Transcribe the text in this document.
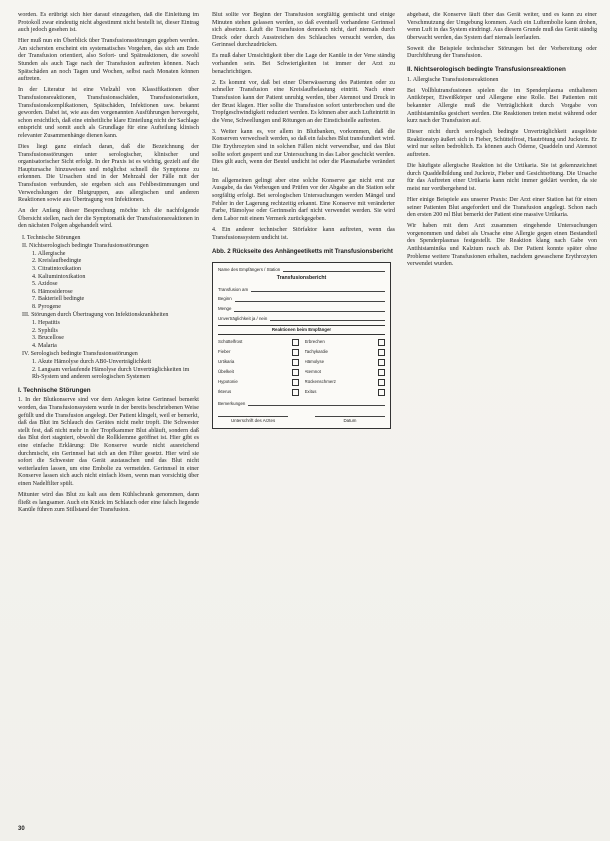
worden. Es erübrigt sich hier darauf einzugehen, daß die Einleitung im Protokoll zwar eindeutig nicht abgestimmt nicht bestellt ist, dieser Eintrag auch jedoch gesehen ist.

Hier muß nun ein Überblick über Transfusionsstörungen gegeben werden. Am sichersten erscheint ein systematisches Vorgehen, das sich am Ende der Transfusion orientiert, also Sofort- und Spätreaktionen, die sowohl Stunden als auch Tage nach der Transfusion auftreten können. Nach Spätschäden an noch Tagen und Wochen, selbst nach Monaten können auftreten.

In der Literatur ist eine Vielzahl von Klassifikationen über Transfusionsreaktionen, Transfusionsschäden, Transfusionsrisiken, Transfusionskomplikationen, Spätschäden, Infektionen usw. bekannt geworden. Dabei ist, wie aus den vorgenannten Ausführungen hervorgeht, schon ersichtlich, daß eine einheitliche klare Einteilung nicht der Sachlage entspricht und somit auch als Grundlage für eine Aufteilung klinisch relevanter Zusammenhänge dienen kann.

Dies liegt ganz einfach daran, daß die Bezeichnung der Transfusionsstörungen unter serologischer, klinischer und organisatorischer Sicht erfolgt. In der Praxis ist es wichtig, gezielt auf die Hauptursache hinzuweisen und möglichst schnell die Symptome zu erkennen. Die Ursachen sind in der Mehrzahl der Fälle mit der Transfusion verbunden, sie ergeben sich aus Fehlbestimmungen und Verwechslungen der Blutgruppen, aus allergischen und anderen Reaktionen sowie aus Übertragung von Infektionen.

An der Anfang dieser Besprechung möchte ich die nachfolgende Übersicht stellen, nach der die Symptomatik der Transfusionsreaktionen in den nächsten Folgen abgehandelt wird.

I. Technische Störungen
II. Nichtserologisch bedingte Transfusionsstörungen
1. Allergische
2. Kreislaufbedingte
3. Citratintoxikation
4. Kaliumintoxikation
5. Azidose
6. Hämosiderose
7. Bakteriell bedingte
8. Pyrogene
III. Störungen durch Übertragung von Infektionskrankheiten
1. Hepatitis
2. Syphilis
3. Brucellose
4. Malaria
IV. Serologisch bedingte Transfusionsstörungen
1. Akute Hämolyse durch AB0-Unverträglichkeit
2. Langsam verlaufende Hämolyse durch Unverträglichkeiten im Rh-System und anderen serologischen Systemen
I. Technische Störungen

1. In der Blutkonserve sind vor dem Anlegen keine Gerinnsel bemerkt worden, das Transfusionssystem wurde in der bereits beschriebenen Weise gefüllt und die Transfusion angelegt. Der Patient klingelt, weil er bemerkt, daß das Blut im Schlauch des Gerätes nicht mehr tropft. Die Schwester stellt fest, daß nicht mehr in der Tropfkammer Blut abläuft, sondern daß das Blut dort stagniert, obwohl die Rollklemme geöffnet ist. Hier gibt es eine einfache Erklärung: Die Konserve wurde nicht ausreichend durchmischt, ein Gerinnsel hat sich an den Filter gesetzt. Hier wird sie sofort die Schwester das Gerät austauschen und das Blut nicht weiterlaufen lassen, um eine Embolie zu vermeiden. Gerinnsel in einer Konserve lassen sich auch nicht einfach lösen, wenn man vorsichtig über einen Nadelfilter spült.

Mitunter wird das Blut zu kalt aus dem Kühlschrank genommen, dann fließt es langsamer. Auch ein Knick im Schlauch oder eine falsch liegende Kanüle führen zum Stillstand der Transfusion.

Blut sollte vor Beginn der Transfusion sorgfältig gemischt und einige Minuten stehen gelassen werden, so daß eventuell vorhandene Gerinnsel sich absetzen. Läuft die Transfusion dennoch nicht, darf niemals durch Druck oder durch Ausstreichen des Schlauches versucht werden, das Gerinnsel durchzudrücken.

Es muß daher Umsichtigkeit über die Lage der Kanüle in der Vene ständig vorhanden sein. Bei Schwierigkeiten ist immer der Arzt zu benachrichtigen.

2. Es kommt vor, daß bei einer Überwässerung des Patienten oder zu schneller Transfusion eine Kreislaufbelastung eintritt. Nach einer Transfusion kann der Patient unruhig werden, über Atemnot und Druck in der Brust klagen. Hier sollte die Transfusion sofort unterbrochen und die Tropfgeschwindigkeit reduziert werden. Es können aber auch Lufteintritt in die Vene, Schwellungen und Rötungen an der Einstichstelle auftreten.

3. Weiter kann es, vor allem in Blutbanken, vorkommen, daß die Konserven verwechselt werden, so daß ein falsches Blut transfundiert wird. Die Erythrozyten sind in solchen Fällen nicht verwendbar, und das Blut sollte sofort gesperrt und zur Untersuchung in das Labor geschickt werden. Dies gilt auch, wenn der Beutel undicht ist oder die Plasmafarbe verändert ist.

Im allgemeinen gelingt aber eine solche Konserve gar nicht erst zur Ausgabe, da das Vorbeugen und Prüfen vor der Abgabe an die Station sehr sorgfältig erfolgt. Bei serologischen Untersuchungen werden Mängel und Fehler in der Lagerung rechtzeitig erkannt. Eine Konserve mit veränderter Farbe, Hämolyse oder Gerinnseln darf nicht verwendet werden. Sie wird dem Labor mit einem Vermerk zurückgegeben.

4. Ein anderer technischer Störfaktor kann auftreten, wenn das Transfusionssystem undicht ist.

Abb. 2 Rückseite des Anhängeetiketts mit Transfusionsbericht
Name des Empfängers / Station
Transfusionsbericht
Transfusion am
Beginn
Menge
Unverträglichkeit ja / nein
Reaktionen beim Empfänger
Schüttelfrost	Erbrechen
Fieber	Tachykardie
Urtikaria	Hämolyse
Übelkeit	Atemnot
Hypotonie	Rückenschmerz
Ikterus	Exitus
Bemerkungen
Unterschrift des Arztes	Datum

abgebaut, die Konserve läuft über das Gerät weiter, und es kann zu einer Verschmutzung der Umgebung kommen. Auch ein Luftembolie kann drohen, wenn Luft in das System eindringt. Aus diesem Grunde muß das Gerät ständig überwacht werden, das System darf niemals leerlaufen.

Soweit die Beispiele technischer Störungen bei der Vorbereitung oder Durchführung der Transfusion.

II. Nichtserologisch bedingte Transfusionsreaktionen

1. Allergische Transfusionsreaktionen

Bei Vollblutransfusionen spielen die im Spenderplasma enthaltenen Antikörper, Eiweißkörper und Allergene eine Rolle. Bei Patienten mit bekannter Allergie muß die Verträglichkeit durch Vorgabe von Antihistaminika gesichert werden. Die Reaktionen treten meist während oder kurz nach der Transfusion auf.

Dieser nicht durch serologisch bedingte Unverträglichkeit ausgelöste Reaktionstyp äußert sich in Fieber, Schüttelfrost, Hautrötung und Juckreiz. Er wird nur selten bedrohlich. Es können auch Ödeme, Quaddeln und Atemnot auftreten.

Die häufigste allergische Reaktion ist die Urtikaria. Sie ist gekennzeichnet durch Quaddelbildung und Juckreiz, Fieber und Gesichtsrötung. Die Ursache für das Auftreten einer Urtikaria kann nicht immer geklärt werden, da sie meist nur vorübergehend ist.

Hier einige Beispiele aus unserer Praxis: Der Arzt einer Station hat für einen seiner Patienten Blut angefordert und die Transfusion angelegt. Schon nach den ersten 200 ml Blut bemerkt der Patient eine massive Urtikaria.

Wir haben mit dem Arzt zusammen eingehende Untersuchungen vorgenommen und dabei als Ursache eine Allergie gegen einen Bestandteil des Spenderplasmas festgestellt. Die Reaktion klang nach Gabe von Antihistaminika und Kalzium rasch ab. Der Patient konnte später ohne Probleme weitere Transfusionen erhalten, nachdem gewaschene Erythrozyten verwendet wurden.

30
